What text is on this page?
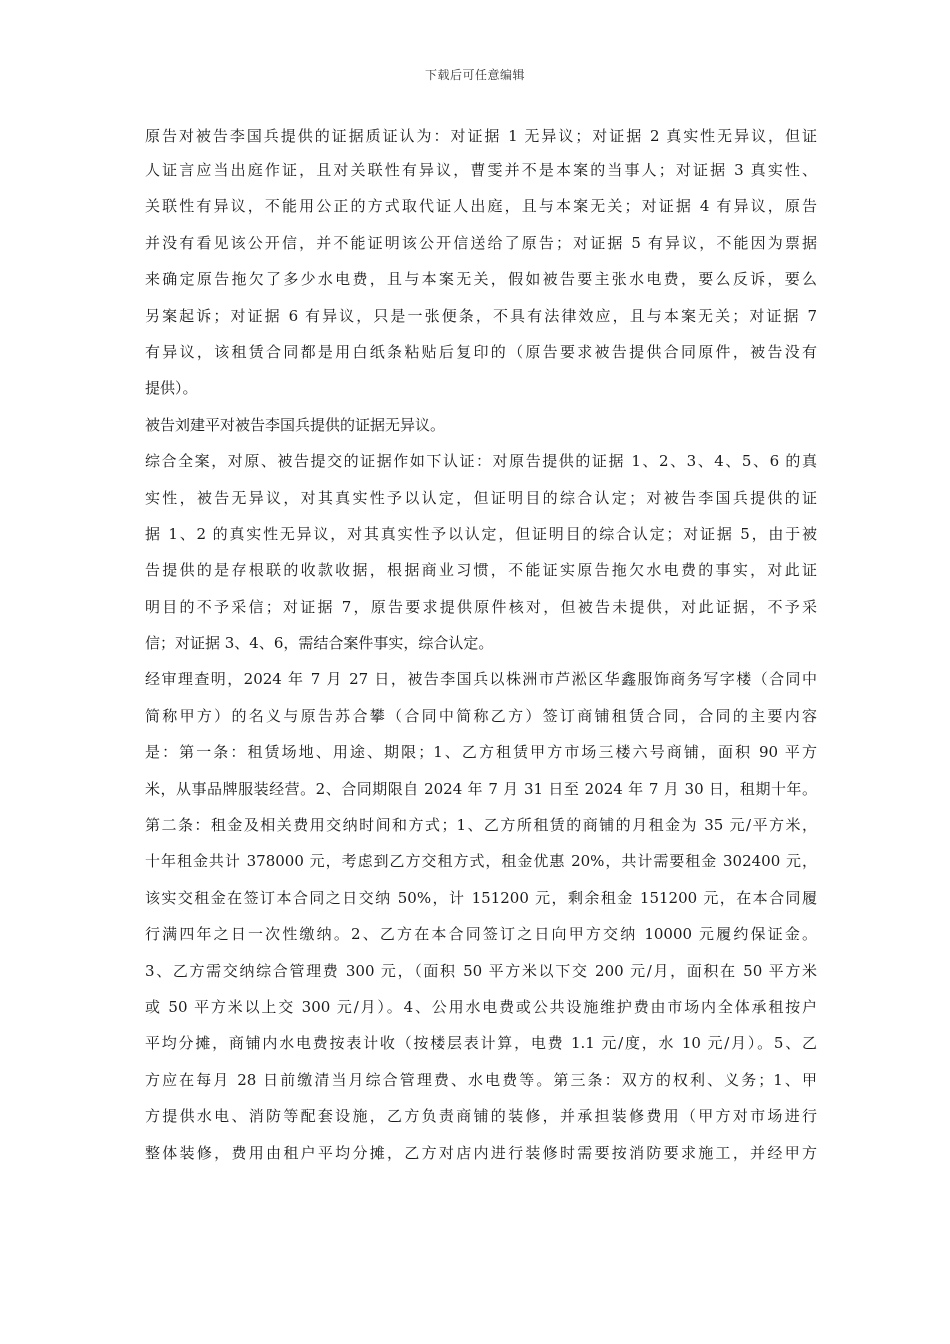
下载后可任意编辑
原告对被告李国兵提供的证据质证认为：对证据 1 无异议；对证据 2 真实性无异议，但证
人证言应当出庭作证，且对关联性有异议，曹雯并不是本案的当事人；对证据 3 真实性、
关联性有异议，不能用公正的方式取代证人出庭，且与本案无关；对证据 4 有异议，原告
并没有看见该公开信，并不能证明该公开信送给了原告；对证据 5 有异议，不能因为票据
来确定原告拖欠了多少水电费，且与本案无关，假如被告要主张水电费，要么反诉，要么
另案起诉；对证据 6 有异议，只是一张便条，不具有法律效应，且与本案无关；对证据 7
有异议，该租赁合同都是用白纸条粘贴后复印的（原告要求被告提供合同原件，被告没有
提供）。
被告刘建平对被告李国兵提供的证据无异议。
综合全案，对原、被告提交的证据作如下认证：对原告提供的证据 1、2、3、4、5、6 的真
实性，被告无异议，对其真实性予以认定，但证明目的综合认定；对被告李国兵提供的证
据 1、2 的真实性无异议，对其真实性予以认定，但证明目的综合认定；对证据 5，由于被
告提供的是存根联的收款收据，根据商业习惯，不能证实原告拖欠水电费的事实，对此证
明目的不予采信；对证据 7，原告要求提供原件核对，但被告未提供，对此证据，不予采
信；对证据 3、4、6，需结合案件事实，综合认定。
经审理查明，2024 年 7 月 27 日，被告李国兵以株洲市芦淞区华鑫服饰商务写字楼（合同中
简称甲方）的名义与原告苏合攀（合同中简称乙方）签订商铺租赁合同，合同的主要内容
是：第一条：租赁场地、用途、期限；1、乙方租赁甲方市场三楼六号商铺，面积 90 平方
米，从事品牌服装经营。2、合同期限自 2024 年 7 月 31 日至 2024 年 7 月 30 日，租期十年。
第二条：租金及相关费用交纳时间和方式；1、乙方所租赁的商铺的月租金为 35 元/平方米，
十年租金共计 378000 元，考虑到乙方交租方式，租金优惠 20%，共计需要租金 302400 元，
该实交租金在签订本合同之日交纳 50%，计 151200 元，剩余租金 151200 元，在本合同履
行满四年之日一次性缴纳。2、乙方在本合同签订之日向甲方交纳 10000 元履约保证金。
3、乙方需交纳综合管理费 300 元，（面积 50 平方米以下交 200 元/月，面积在 50 平方米
或 50 平方米以上交 300 元/月）。4、公用水电费或公共设施维护费由市场内全体承租按户
平均分摊，商铺内水电费按表计收（按楼层表计算，电费 1.1 元/度，水 10 元/月）。5、乙
方应在每月 28 日前缴清当月综合管理费、水电费等。第三条：双方的权利、义务；1、甲
方提供水电、消防等配套设施，乙方负责商铺的装修，并承担装修费用（甲方对市场进行
整体装修，费用由租户平均分摊，乙方对店内进行装修时需要按消防要求施工，并经甲方
